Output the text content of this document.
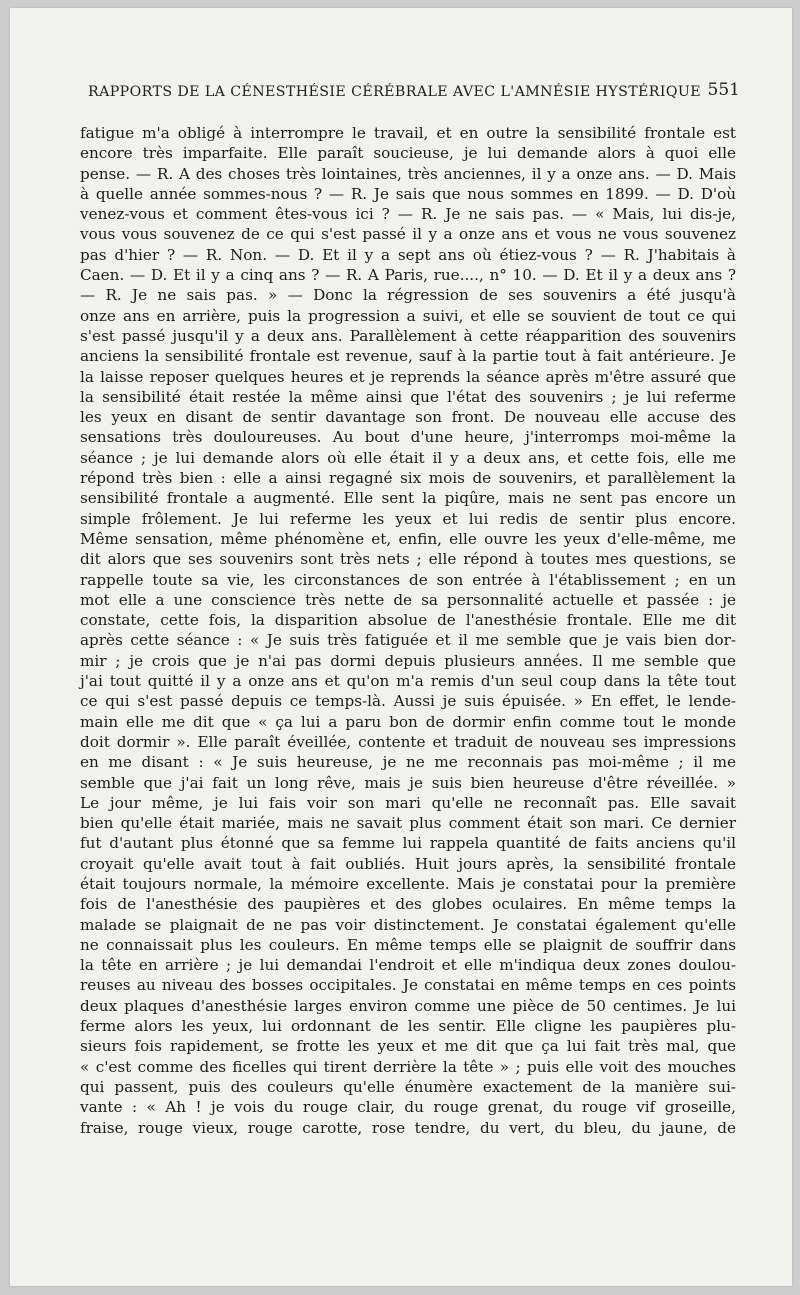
RAPPORTS DE LA CÉNESTHÉSIE CÉRÉBRALE AVEC L'AMNÉSIE HYSTÉRIQUE 551
fatigue m'a obligé à interrompre le travail, et en outre la sensibilité frontale est
encore très imparfaite. Elle paraît soucieuse, je lui demande alors à quoi elle
pense. — R. A des choses très lointaines, très anciennes, il y a onze ans. — D. Mais
à quelle année sommes-nous ? — R. Je sais que nous sommes en 1899. — D. D'où
venez-vous et comment êtes-vous ici ? — R. Je ne sais pas. — « Mais, lui dis-je,
vous vous souvenez de ce qui s'est passé il y a onze ans et vous ne vous souvenez
pas d'hier ? — R. Non. — D. Et il y a sept ans où étiez-vous ? — R. J'habitais à
Caen. — D. Et il y a cinq ans ? — R. A Paris, rue...., n° 10. — D. Et il y a deux ans ?
— R. Je ne sais pas. » — Donc la régression de ses souvenirs a été jusqu'à
onze ans en arrière, puis la progression a suivi, et elle se souvient de tout ce qui
s'est passé jusqu'il y a deux ans. Parallèlement à cette réapparition des souvenirs
anciens la sensibilité frontale est revenue, sauf à la partie tout à fait antérieure. Je
la laisse reposer quelques heures et je reprends la séance après m'être assuré que
la sensibilité était restée la même ainsi que l'état des souvenirs ; je lui referme
les yeux en disant de sentir davantage son front. De nouveau elle accuse des
sensations très douloureuses. Au bout d'une heure, j'interromps moi-même la
séance ; je lui demande alors où elle était il y a deux ans, et cette fois, elle me
répond très bien : elle a ainsi regagné six mois de souvenirs, et parallèlement la
sensibilité frontale a augmenté. Elle sent la piqûre, mais ne sent pas encore un
simple frôlement. Je lui referme les yeux et lui redis de sentir plus encore.
Même sensation, même phénomène et, enfin, elle ouvre les yeux d'elle-même, me
dit alors que ses souvenirs sont très nets ; elle répond à toutes mes questions, se
rappelle toute sa vie, les circonstances de son entrée à l'établissement ; en un
mot elle a une conscience très nette de sa personnalité actuelle et passée : je
constate, cette fois, la disparition absolue de l'anesthésie frontale. Elle me dit
après cette séance : « Je suis très fatiguée et il me semble que je vais bien dor-
mir ; je crois que je n'ai pas dormi depuis plusieurs années. Il me semble que
j'ai tout quitté il y a onze ans et qu'on m'a remis d'un seul coup dans la tête tout
ce qui s'est passé depuis ce temps-là. Aussi je suis épuisée. » En effet, le lende-
main elle me dit que « ça lui a paru bon de dormir enfin comme tout le monde
doit dormir ». Elle paraît éveillée, contente et traduit de nouveau ses impressions
en me disant : « Je suis heureuse, je ne me reconnais pas moi-même ; il me
semble que j'ai fait un long rêve, mais je suis bien heureuse d'être réveillée. »
Le jour même, je lui fais voir son mari qu'elle ne reconnaît pas. Elle savait
bien qu'elle était mariée, mais ne savait plus comment était son mari. Ce dernier
fut d'autant plus étonné que sa femme lui rappela quantité de faits anciens qu'il
croyait qu'elle avait tout à fait oubliés. Huit jours après, la sensibilité frontale
était toujours normale, la mémoire excellente. Mais je constatai pour la première
fois de l'anesthésie des paupières et des globes oculaires. En même temps la
malade se plaignait de ne pas voir distinctement. Je constatai également qu'elle
ne connaissait plus les couleurs. En même temps elle se plaignit de souffrir dans
la tête en arrière ; je lui demandai l'endroit et elle m'indiqua deux zones doulou-
reuses au niveau des bosses occipitales. Je constatai en même temps en ces points
deux plaques d'anesthésie larges environ comme une pièce de 50 centimes. Je lui
ferme alors les yeux, lui ordonnant de les sentir. Elle cligne les paupières plu-
sieurs fois rapidement, se frotte les yeux et me dit que ça lui fait très mal, que
« c'est comme des ficelles qui tirent derrière la tête » ; puis elle voit des mouches
qui passent, puis des couleurs qu'elle énumère exactement de la manière sui-
vante : « Ah ! je vois du rouge clair, du rouge grenat, du rouge vif groseille,
fraise, rouge vieux, rouge carotte, rose tendre, du vert, du bleu, du jaune, de
